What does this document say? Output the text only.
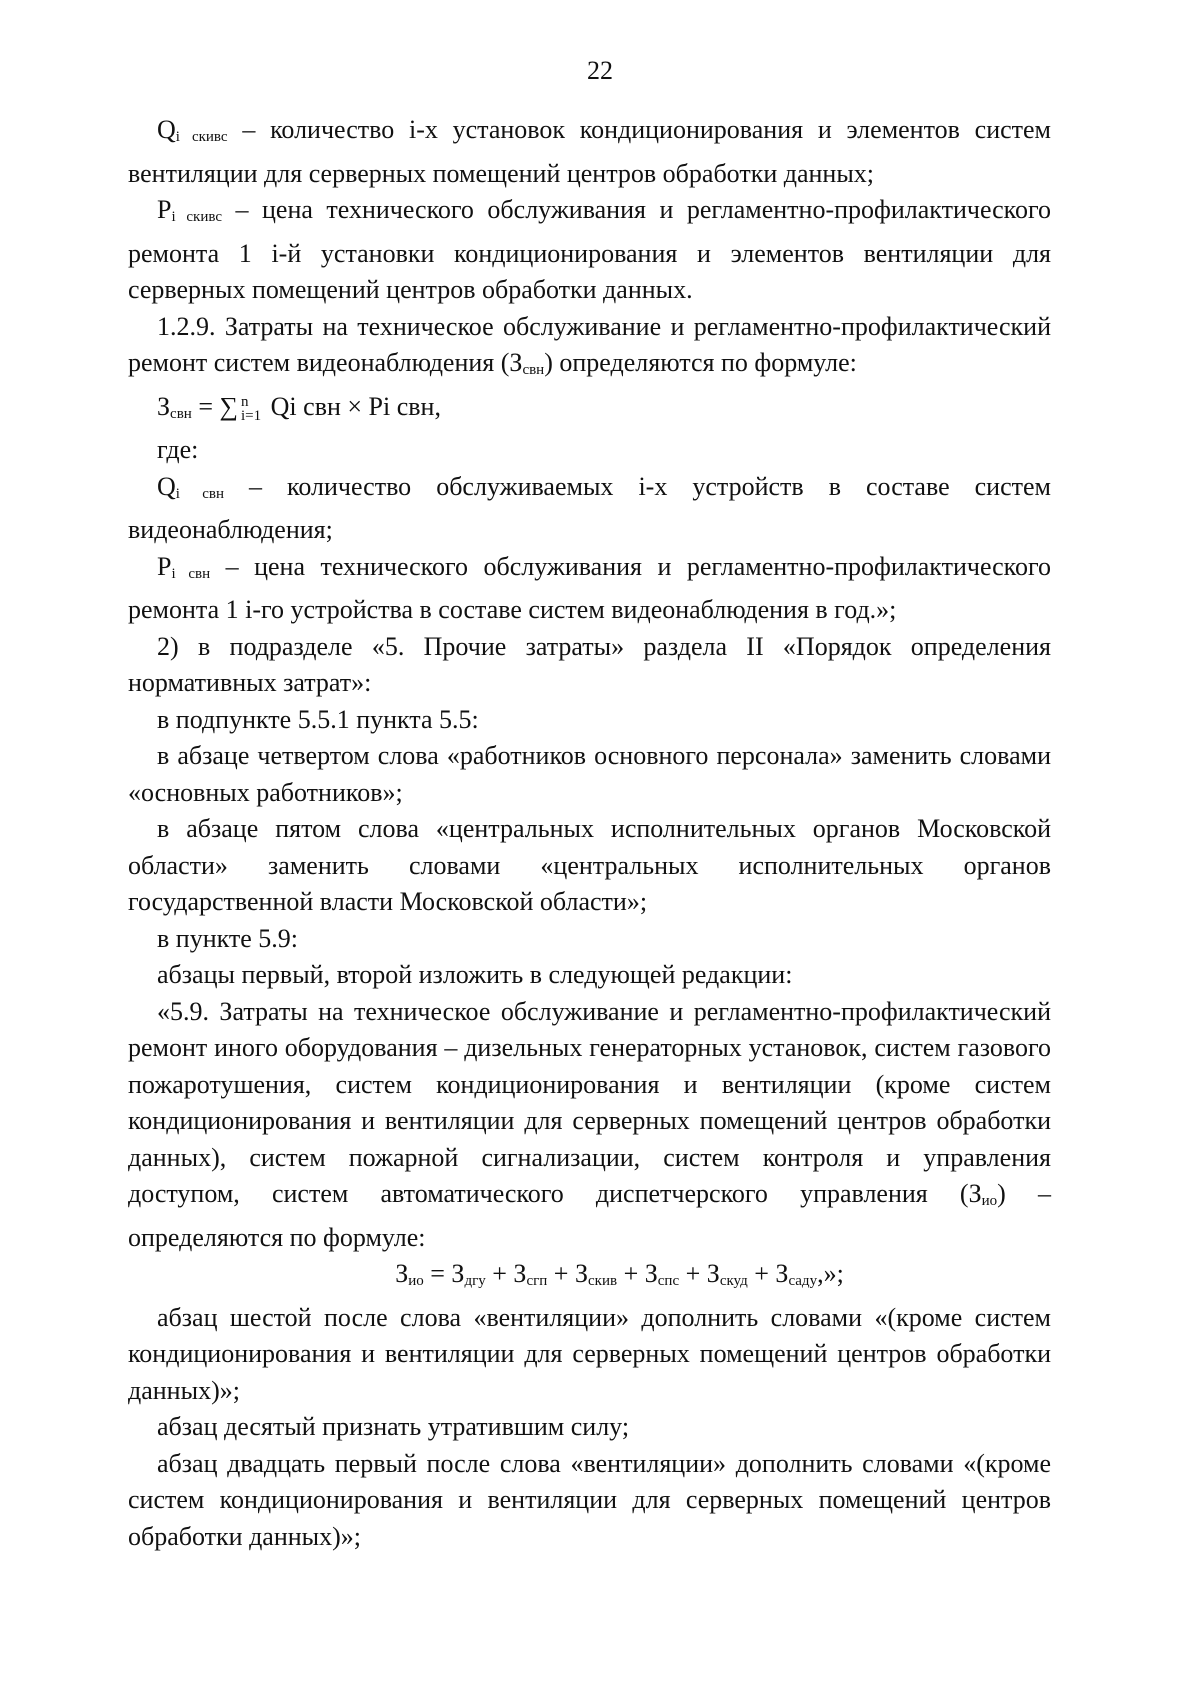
22

$Q_{i скивс}$ – количество i-х установок кондиционирования и элементов систем вентиляции для серверных помещений центров обработки данных;

$P_{i скивс}$ – цена технического обслуживания и регламентно-профилактического ремонта 1 i-й установки кондиционирования и элементов вентиляции для серверных помещений центров обработки данных.

1.2.9. Затраты на техническое обслуживание и регламентно-профилактический ремонт систем видеонаблюдения $(З_{свн})$ определяются по формуле:

$З_{свн}$ = ∑ n
i=1 Qi свн × Pi свн,

где:

$Q_{i свн}$ – количество обслуживаемых i-х устройств в составе систем видеонаблюдения;

$P_{i свн}$ – цена технического обслуживания и регламентно-профилактического ремонта 1 i-го устройства в составе систем видеонаблюдения в год.»;

2) в подразделе «5. Прочие затраты» раздела II «Порядок определения нормативных затрат»:

в подпункте 5.5.1 пункта 5.5:

в абзаце четвертом слова «работников основного персонала» заменить словами «основных работников»;

в абзаце пятом слова «центральных исполнительных органов Московской области» заменить словами «центральных исполнительных органов государственной власти Московской области»;

в пункте 5.9:

абзацы первый, второй изложить в следующей редакции:

«5.9. Затраты на техническое обслуживание и регламентно-профилактический ремонт иного оборудования – дизельных генераторных установок, систем газового пожаротушения, систем кондиционирования и вентиляции (кроме систем кондиционирования и вентиляции для серверных помещений центров обработки данных), систем пожарной сигнализации, систем контроля и управления доступом, систем автоматического диспетчерского управления $(З_{ио})$ – определяются по формуле:

$З_{ио} = З_{дгу} + З_{сгп} + З_{скив} + З_{спс} + З_{скуд} + З_{саду}$,»;

абзац шестой после слова «вентиляции» дополнить словами «(кроме систем кондиционирования и вентиляции для серверных помещений центров обработки данных)»;

абзац десятый признать утратившим силу;

абзац двадцать первый после слова «вентиляции» дополнить словами «(кроме систем кондиционирования и вентиляции для серверных помещений центров обработки данных)»;
